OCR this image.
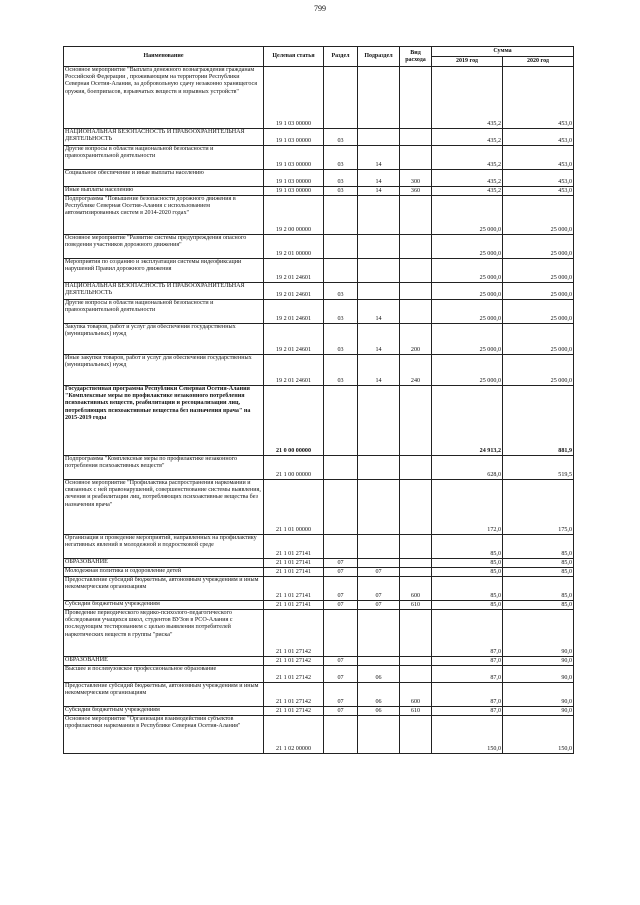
799
Наименование	Целевая статья	Раздел	Подраздел	Вид расхода	Сумма	
					2019 год	2020 год
Основное мероприятие "Выплата денежного вознаграждения гражданам Российской Федерации , проживающим на территории Республики Северная Осетия-Алания, за добровольную сдачу незаконно хранящегося оружия, боеприпасов, взрывчатых веществ и взрывных устройств"	19 1 03 00000				435,2	453,0
НАЦИОНАЛЬНАЯ БЕЗОПАСНОСТЬ И ПРАВООХРАНИТЕЛЬНАЯ ДЕЯТЕЛЬНОСТЬ	19 1 03 00000	03			435,2	453,0
Другие вопросы в области национальной безопасности и правоохранительной деятельности	19 1 03 00000	03	14		435,2	453,0
Социальное обеспечение и иные выплаты населению	19 1 03 00000	03	14	300	435,2	453,0
Иные выплаты населению	19 1 03 00000	03	14	360	435,2	453,0
Подпрограмма "Повышение безопасности дорожного движения в Республике Северная Осетия-Алания с использованием автоматизированных систем в 2014-2020 годах"	19 2 00 00000				25 000,0	25 000,0
Основное мероприятие "Развитие системы предупреждения опасного поведения участников дорожного движения"	19 2 01 00000				25 000,0	25 000,0
Мероприятия по созданию и эксплуатации системы видеофиксации нарушений Правил дорожного движения	19 2 01 24601				25 000,0	25 000,0
НАЦИОНАЛЬНАЯ БЕЗОПАСНОСТЬ И ПРАВООХРАНИТЕЛЬНАЯ ДЕЯТЕЛЬНОСТЬ	19 2 01 24601	03			25 000,0	25 000,0
Другие вопросы в области национальной безопасности и правоохранительной деятельности	19 2 01 24601	03	14		25 000,0	25 000,0
Закупка товаров, работ и услуг для обеспечения государственных (муниципальных) нужд	19 2 01 24601	03	14	200	25 000,0	25 000,0
Иные закупки товаров, работ и услуг для обеспечения государственных (муниципальных) нужд	19 2 01 24601	03	14	240	25 000,0	25 000,0
Государственная программа Республики Северная Осетия-Алания "Комплексные меры по профилактике незаконного потребления психоактивных веществ, реабилитации и ресоциализации лиц, потребляющих психоактивные вещества без назначения врача" на 2015-2019 годы	21 0 00 00000				24 913,2	881,9
Подпрограмма "Комплексные меры по профилактике незаконного потребления психоактивных веществ"	21 1 00 00000				628,0	519,5
Основное мероприятие "Профилактика распространения наркомании и связанных с ней правонарушений, совершенствование системы выявления, лечения и реабилитации лиц, потребляющих психоактивные вещества без назначения врача"	21 1 01 00000				172,0	175,0
Организация и проведение мероприятий, направленных на профилактику негативных явлений в молодежной и подростковой среде	21 1 01 27141				85,0	85,0
ОБРАЗОВАНИЕ	21 1 01 27141	07			85,0	85,0
Молодежная политика и оздоровление детей	21 1 01 27141	07	07		85,0	85,0
Предоставление субсидий бюджетным, автономным учреждениям и иным некоммерческим организациям	21 1 01 27141	07	07	600	85,0	85,0
Субсидии бюджетным учреждениям	21 1 01 27141	07	07	610	85,0	85,0
Проведение периодического медико-психолого-педагогического обследования учащихся школ, студентов ВУЗов в РСО-Алания с последующим тестированием с целью выявления потребителей наркотических веществ в группы "риска"	21 1 01 27142				87,0	90,0
ОБРАЗОВАНИЕ	21 1 01 27142	07			87,0	90,0
Высшее и послевузовское профессиональное образование	21 1 01 27142	07	06		87,0	90,0
Предоставление субсидий бюджетным, автономным учреждениям и иным некоммерческим организациям	21 1 01 27142	07	06	600	87,0	90,0
Субсидии бюджетным учреждениям	21 1 01 27142	07	06	610	87,0	90,0
Основное мероприятие "Организация взаимодействия субъектов профилактики наркомании в Республике Северная Осетия-Алания"	21 1 02 00000				150,0	150,0
